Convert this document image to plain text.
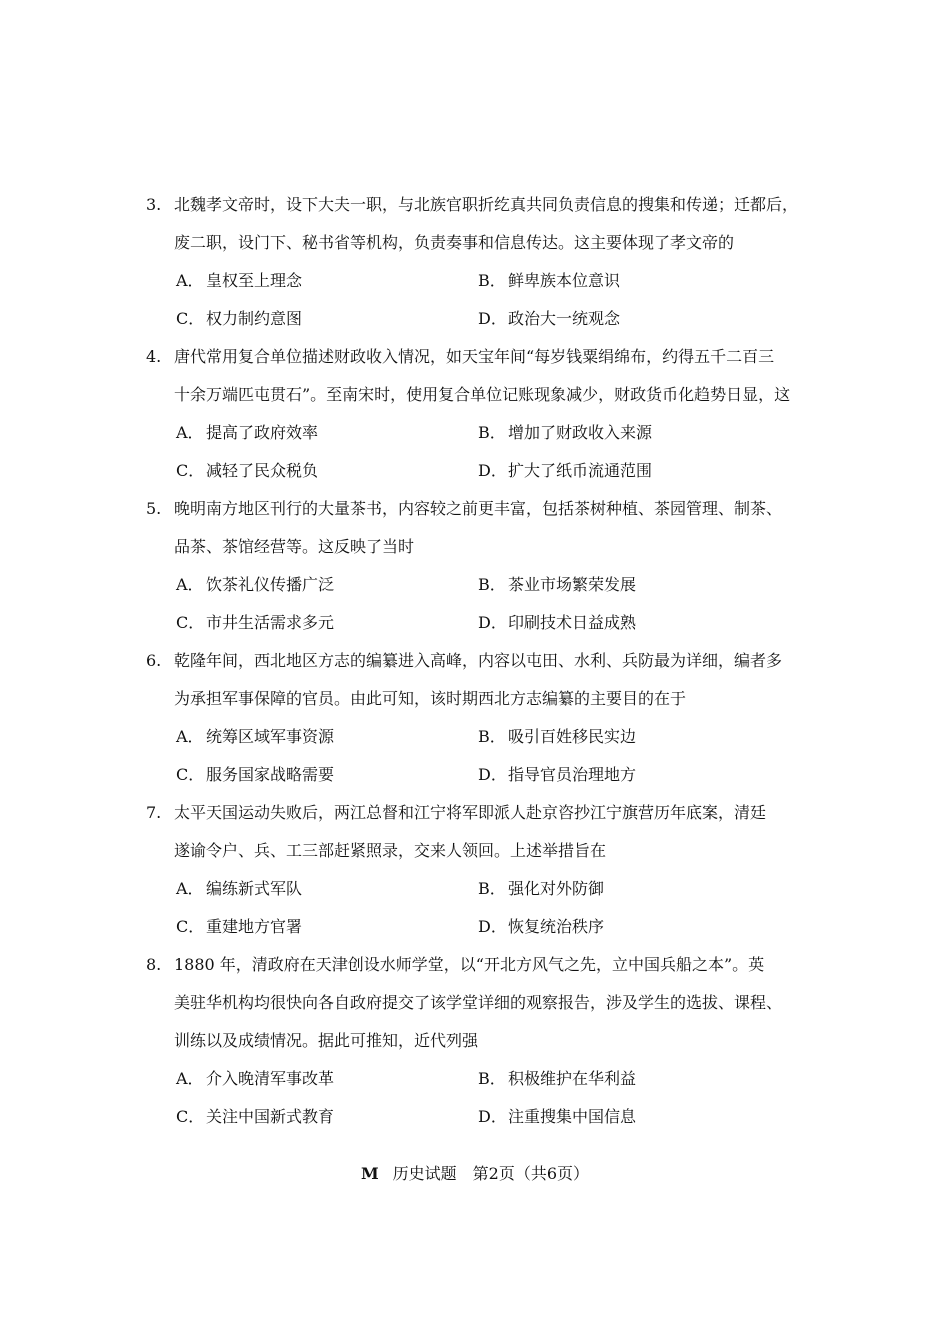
3. 北魏孝文帝时，设下大夫一职，与北族官职折纥真共同负责信息的搜集和传递；迁都后，
废二职，设门下、秘书省等机构，负责奏事和信息传达。这主要体现了孝文帝的
A． 皇权至上理念	B． 鲜卑族本位意识
C． 权力制约意图	D． 政治大一统观念
4. 唐代常用复合单位描述财政收入情况，如天宝年间“每岁钱粟绢绵布，约得五千二百三
十余万端匹屯贯石”。至南宋时，使用复合单位记账现象减少，财政货币化趋势日显，这
A． 提高了政府效率	B． 增加了财政收入来源
C． 减轻了民众税负	D． 扩大了纸币流通范围
5. 晚明南方地区刊行的大量茶书，内容较之前更丰富，包括茶树种植、茶园管理、制茶、
品茶、茶馆经营等。这反映了当时
A． 饮茶礼仪传播广泛	B． 茶业市场繁荣发展
C． 市井生活需求多元	D． 印刷技术日益成熟
6. 乾隆年间，西北地区方志的编纂进入高峰，内容以屯田、水利、兵防最为详细，编者多
为承担军事保障的官员。由此可知，该时期西北方志编纂的主要目的在于
A． 统筹区域军事资源	B． 吸引百姓移民实边
C． 服务国家战略需要	D． 指导官员治理地方
7. 太平天国运动失败后，两江总督和江宁将军即派人赴京咨抄江宁旗营历年底案，清廷
遂谕令户、兵、工三部赶紧照录，交来人领回。上述举措旨在
A． 编练新式军队	B． 强化对外防御
C． 重建地方官署	D． 恢复统治秩序
8. 1880 年，清政府在天津创设水师学堂，以“开北方风气之先，立中国兵船之本”。英
美驻华机构均很快向各自政府提交了该学堂详细的观察报告，涉及学生的选拔、课程、
训练以及成绩情况。据此可推知，近代列强
A． 介入晚清军事改革	B． 积极维护在华利益
C． 关注中国新式教育	D． 注重搜集中国信息
M 历史试题　第2页（共6页）
